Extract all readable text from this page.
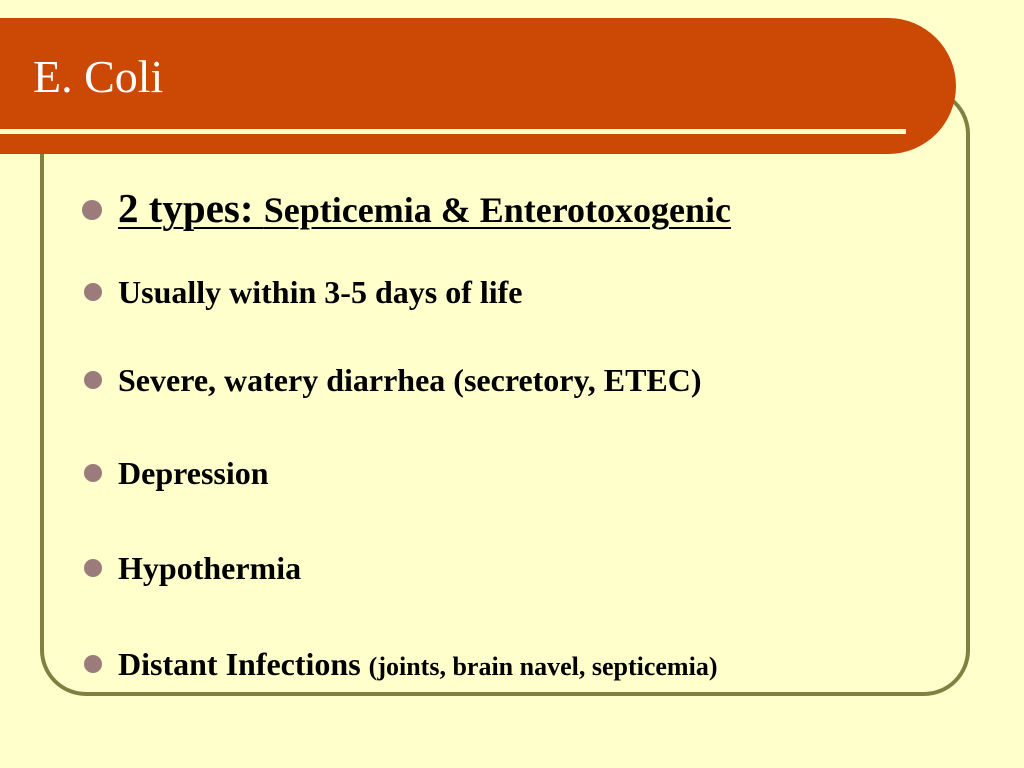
E. Coli
2 types: Septicemia & Enterotoxogenic
Usually within 3-5 days of life
Severe, watery diarrhea (secretory, ETEC)
Depression
Hypothermia
Distant Infections (joints, brain navel, septicemia)
